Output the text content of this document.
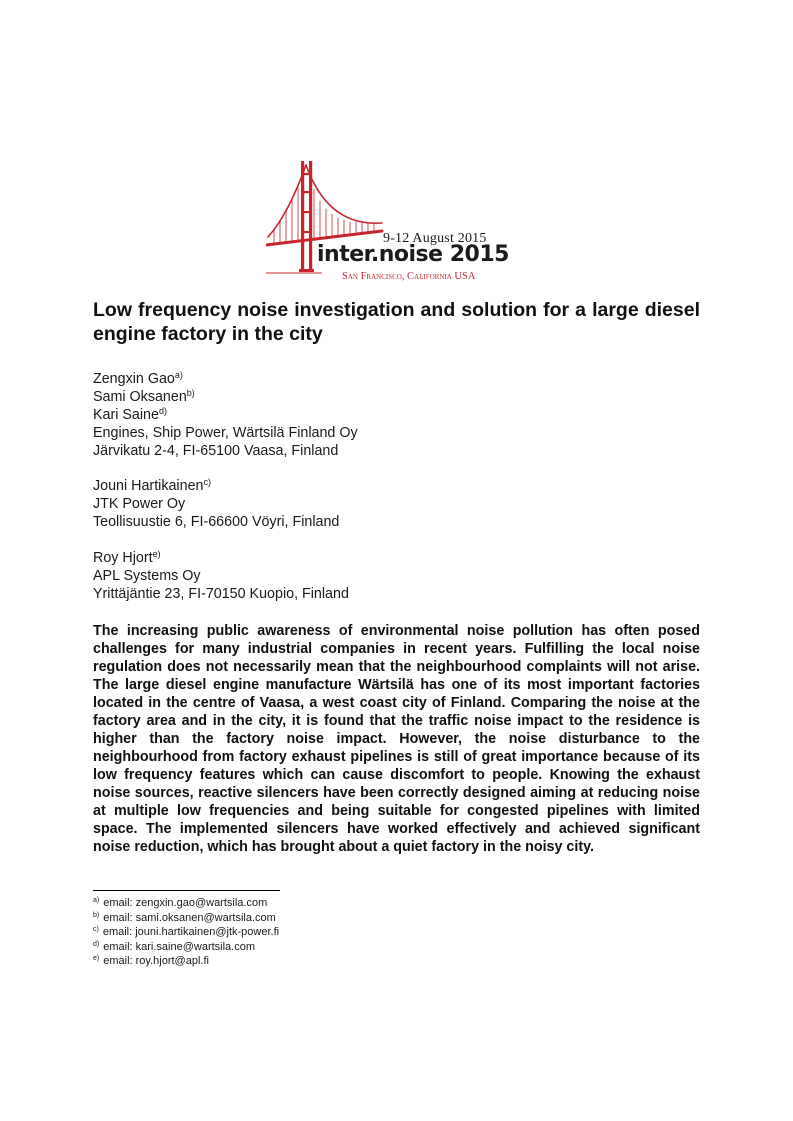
9-12 August 2015
inter.noise 2015
San Francisco, California USA
Low frequency noise investigation and solution for a large diesel engine factory in the city
Zengxin Gao$^{a)}$
Sami Oksanen$^{b)}$
Kari Saine$^{d)}$
Engines, Ship Power, Wärtsilä Finland Oy
Järvikatu 2-4, FI-65100 Vaasa, Finland
Jouni Hartikainen$^{c)}$
JTK Power Oy
Teollisuustie 6, FI-66600 Vöyri, Finland
Roy Hjort$^{e)}$
APL Systems Oy
Yrittäjäntie 23, FI-70150 Kuopio, Finland

The increasing public awareness of environmental noise pollution has often posed challenges for many industrial companies in recent years. Fulfilling the local noise regulation does not necessarily mean that the neighbourhood complaints will not arise. The large diesel engine manufacture Wärtsilä has one of its most important factories located in the centre of Vaasa, a west coast city of Finland. Comparing the noise at the factory area and in the city, it is found that the traffic noise impact to the residence is higher than the factory noise impact. However, the noise disturbance to the neighbourhood from factory exhaust pipelines is still of great importance because of its low frequency features which can cause discomfort to people. Knowing the exhaust noise sources, reactive silencers have been correctly designed aiming at reducing noise at multiple low frequencies and being suitable for congested pipelines with limited space. The implemented silencers have worked effectively and achieved significant noise reduction, which has brought about a quiet factory in the noisy city.

$^{a)}$ email: zengxin.gao@wartsila.com
$^{b)}$ email: sami.oksanen@wartsila.com
$^{c)}$ email: jouni.hartikainen@jtk-power.fi
$^{d)}$ email: kari.saine@wartsila.com
$^{e)}$ email: roy.hjort@apl.fi
